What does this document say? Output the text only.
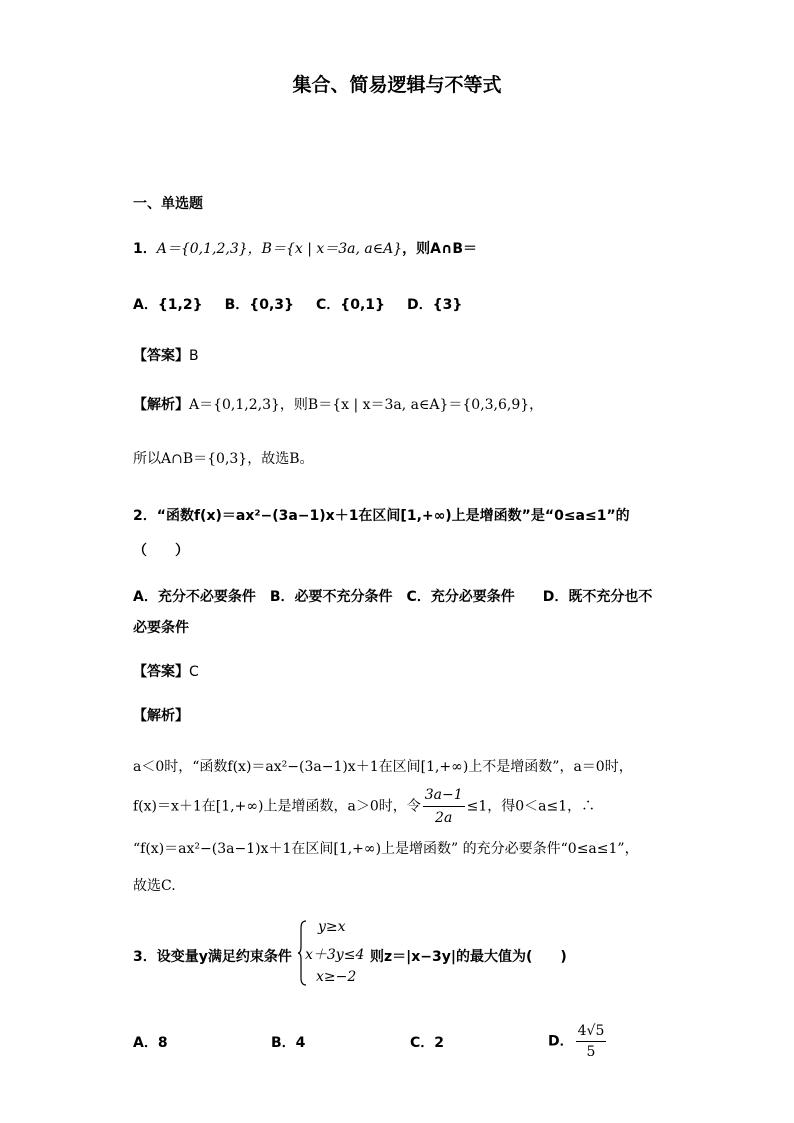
集合、简易逻辑与不等式
一、单选题
1．A＝{0,1,2,3}，B＝{x | x＝3a, a∈A}，则A∩B＝
A．{1,2} B．{0,3} C．{0,1} D．{3}
【答案】B
【解析】A＝{0,1,2,3}，则B＝{x | x＝3a, a∈A}＝{0,3,6,9}，
所以A∩B＝{0,3}，故选B。
2．“函数f(x)＝ax²−(3a−1)x＋1在区间[1,+∞)上是增函数”是“0≤a≤1”的
（　　）
A．充分不必要条件　B．必要不充分条件　C．充分必要条件　　D．既不充分也不
必要条件
【答案】C
【解析】
a＜0时，“函数f(x)＝ax²−(3a−1)x＋1在区间[1,+∞)上不是增函数”，a＝0时，
f(x)＝x＋1在[1,+∞)上是增函数，a＞0时，令 $\frac{3a-1}{2a} \le 1$，得0＜a≤1，∴
“f(x)＝ax²−(3a−1)x＋1在区间[1,+∞)上是增函数” 的充分必要条件“0≤a≤1”，
故选C.
3．设变量y满足约束条件
y≥x
x＋3y≤4
x≥−2
则z＝|x−3y|的最大值为(　　)
A．8	B．4	C．2	D． $\frac{4√5}{5}$
